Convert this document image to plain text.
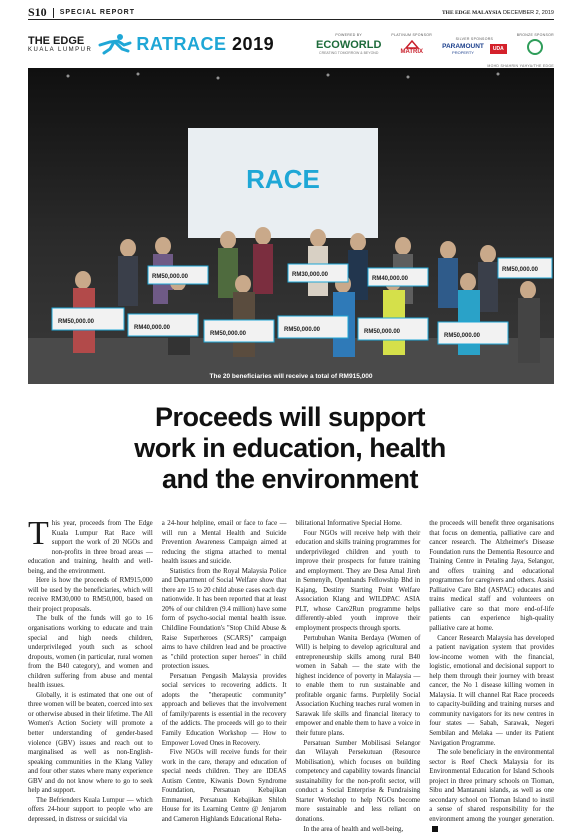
S10 SPECIAL REPORT	THE EDGE MALAYSIA DECEMBER 2, 2019
THE EDGE
KUALA LUMPUR RATRACE 2019	POWERED BY
ECOWORLD
CREATING TOMORROW & BEYOND
PLATINUM SPONSOR
MATRIX
SILVER SPONSORS
PARAMOUNT
PROPERTY
UDA
BRONZE SPONSOR
MOHD SHAHRIN YAHYA/THE EDGE
RACE
RM50,000.00
RM40,000.00
RM50,000.00
RM50,000.00	RM50,000.00
RM50,000.00
RM50,000.00
RM50,000.00	RM30,000.00
RM40,000.00
The 20 beneficiaries will receive a total of RM915,000
Proceeds will support
work in education, health
and the environment
T his year, proceeds from The Edge Kuala Lumpur Rat Race will support the work of 20 NGOs and non-profits in three broad areas — education and training, health and well-being, and the environment.

Here is how the proceeds of RM915,000 will be used by the beneficiaries, which will receive RM30,000 to RM50,000, based on their project proposals.

The bulk of the funds will go to 16 organisations working to educate and train special and high needs children, underprivileged youth such as school dropouts, women (in particular, rural women from the B40 category), and women and children suffering from abuse and mental health issues.

Globally, it is estimated that one out of three women will be beaten, coerced into sex or otherwise abused in their lifetime. The All Women's Action Society will promote a better understanding of gender-based violence (GBV) issues and reach out to marginalised as well as non-English-speaking communities in the Klang Valley and four other states where many experience GBV and do not know where to go to seek help and support.

The Befrienders Kuala Lumpur — which offers 24-hour support to people who are depressed, in distress or suicidal via

a 24-hour helpline, email or face to face — will run a Mental Health and Suicide Prevention Awareness Campaign aimed at reducing the stigma attached to mental health issues and suicide.

Statistics from the Royal Malaysia Police and Department of Social Welfare show that there are 15 to 20 child abuse cases each day nationwide. It has been reported that at least 20% of our children (9.4 million) have some form of psycho-social mental health issue. Childline Foundation's "Stop Child Abuse & Raise Superheroes (SCARS)" campaign aims to have children lead and be proactive as "child protection super heroes" in child protection issues.

Persatuan Pengasih Malaysia provides social services to recovering addicts. It adopts the "therapeutic community" approach and believes that the involvement of family/parents is essential in the recovery of the addicts. The proceeds will go to their Family Education Workshop — How to Empower Loved Ones in Recovery.

Five NGOs will receive funds for their work in the care, therapy and education of special needs children. They are IDEAS Autism Centre, Kiwanis Down Syndrome Foundation, Persatuan Kebajikan Emmanuel, Persatuan Kebajikan Shiloh House for its Learning Centre @ Jenjarom and Cameron Highlands Educational Reha-

bilitational Informative Special Home.

Four NGOs will receive help with their education and skills training programmes for underprivileged children and youth to improve their prospects for future training and employment. They are Desa Amal Jireh in Semenyih, Openhands Fellowship Bhd in Kajang, Destiny Starting Point Welfare Association Klang and WILDPAC ASIA PLT, whose Care2Run programme helps differently-abled youth improve their employment prospects through sports.

Pertubuhan Wanita Berdaya (Women of Will) is helping to develop agricultural and entrepreneurship skills among rural B40 women in Sabah — the state with the highest incidence of poverty in Malaysia — to enable them to run sustainable and profitable organic farms. Purplelily Social Association Kuching teaches rural women in Sarawak life skills and financial literacy to empower and enable them to have a voice in their future plans.

Persatuan Sumber Mobilisasi Selangor dan Wilayah Persekutuan (Resource Mobilisation), which focuses on building competency and capability towards financial sustainability for the non-profit sector, will conduct a Social Enterprise & Fundraising Starter Workshop to help NGOs become more sustainable and less reliant on donations.

In the area of health and well-being,

the proceeds will benefit three organisations that focus on dementia, palliative care and cancer research. The Alzheimer's Disease Foundation runs the Dementia Resource and Training Centre in Petaling Jaya, Selangor, and offers training and educational programmes for caregivers and others. Assisi Palliative Care Bhd (ASPAC) educates and trains medical staff and volunteers on palliative care so that more end-of-life patients can experience high-quality palliative care at home.

Cancer Research Malaysia has developed a patient navigation system that provides low-income women with the financial, logistic, emotional and decisional support to help them through their journey with breast cancer, the No 1 disease killing women in Malaysia. It will channel Rat Race proceeds to capacity-building and training nurses and community navigators for its new centres in four states — Sabah, Sarawak, Negeri Sembilan and Melaka — under its Patient Navigation Programme.

The sole beneficiary in the environmental sector is Reef Check Malaysia for its Environmental Education for Island Schools project in three primary schools on Tioman, Sibu and Mantanani islands, as well as one secondary school on Tioman Island to instil a sense of shared responsibility for the environment among the younger generation.
